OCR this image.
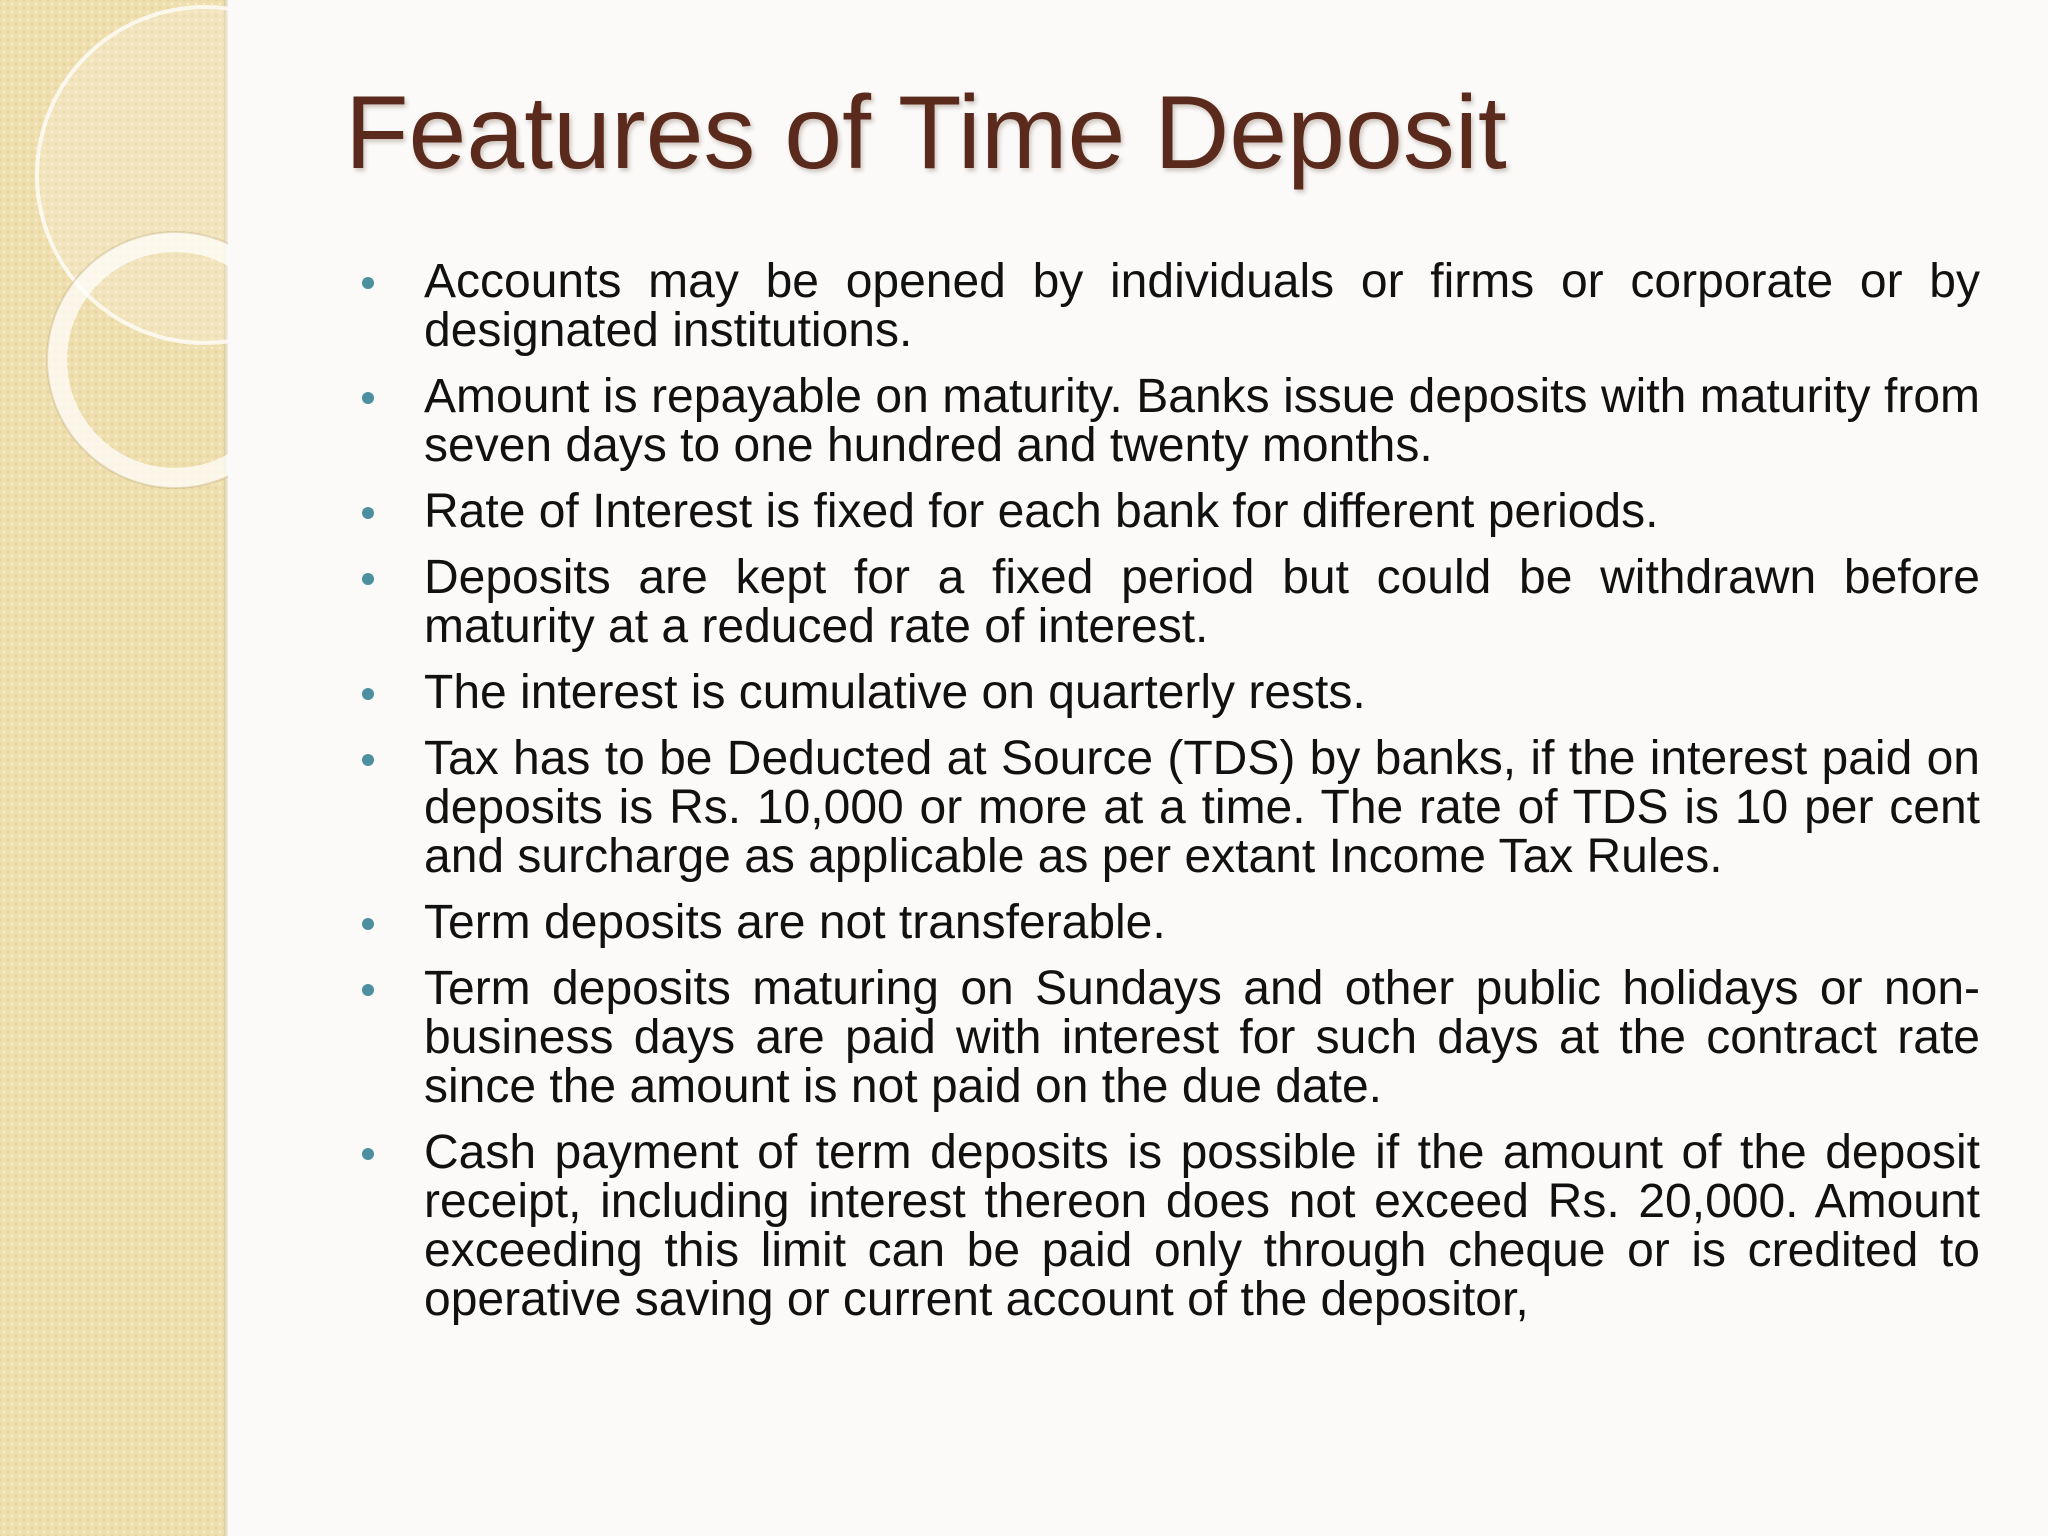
Features of Time Deposit
Accounts may be opened by individuals or firms or corporate or by designated institutions.
Amount is repayable on maturity. Banks issue deposits with maturity from seven days to one hundred and twenty months.
Rate of Interest is fixed for each bank for different periods.
Deposits are kept for a fixed period but could be withdrawn before maturity at a reduced rate of interest.
The interest is cumulative on quarterly rests.
Tax has to be Deducted at Source (TDS) by banks, if the interest paid on deposits is Rs. 10,000 or more at a time. The rate of TDS is 10 per cent and surcharge as applicable as per extant Income Tax Rules.
Term deposits are not transferable.
Term deposits maturing on Sundays and other public holidays or non-business days are paid with interest for such days at the contract rate since the amount is not paid on the due date.
Cash payment of term deposits is possible if the amount of the deposit receipt, including interest thereon does not exceed Rs. 20,000. Amount exceeding this limit can be paid only through cheque or is credited to operative saving or current account of the depositor,
